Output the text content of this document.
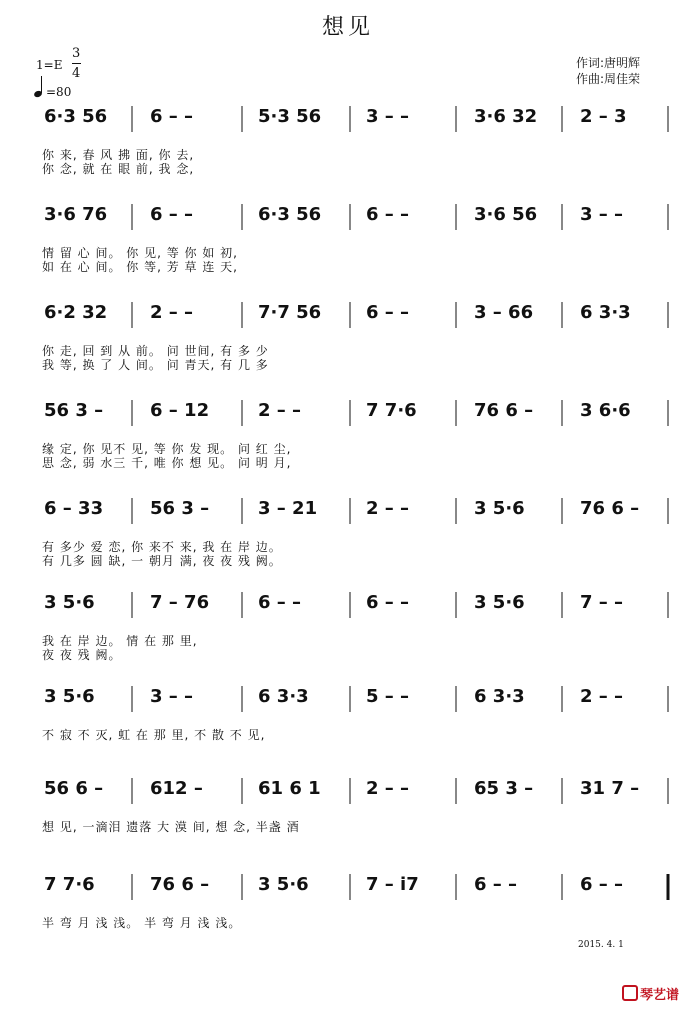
想见
1=E
3
4
=80
作词:唐明辉
作曲:周佳荣
6·3 56 6 – –	5·3 56 3 – –	3·6 32 2 – 3
你 来, 春 风 拂 面, 你 去,
你 念, 就 在 眼 前, 我 念,
3·6 76 6 – –	6·3 56 6 – –	3·6 56 3 – –
情 留 心 间。 你 见, 等 你 如 初,
如 在 心 间。 你 等, 芳 草 连 天,
6·2 32 2 – –	7·7 56 6 – –	3 – 66	6 3·3
你 走, 回 到 从 前。 问 世间, 有 多 少
我 等, 换 了 人 间。 问 青天, 有 几 多
56 3 –	6 – 12	2 – –	7 7·6	76 6 –	3 6·6
缘 定, 你 见不 见, 等 你 发 现。 问 红 尘,
思 念, 弱 水三 千, 唯 你 想 见。 问 明 月,
6 – 33	56 3 –	3 – 21	2 – –	3 5·6	76 6 –
有 多少 爱 恋, 你 来不 来, 我 在 岸 边。
有 几多 圆 缺, 一 朝月 满, 夜 夜 残 阙。
3 5·6	7 – 76	6 – –	6 – –	3 5·6	7 – –
我 在 岸 边。 情 在 那 里,
夜 夜 残 阙。
3 5·6	3 – –	6 3·3	5 – –	6 3·3	2 – –
不 寂 不 灭, 虹 在 那 里, 不 散 不 见,
56 6 –	612 –	61 6 1	2 – –	65 3 –	31 7 –
想 见, 一滴泪 遗落 大 漠 间, 想 念, 半盏 酒
7 7·6	76 6 –	3 5·6	7 – i7	6 – –	6 – –
半 弯 月 浅 浅。 半 弯 月 浅 浅。
2015. 4. 1
琴艺谱
